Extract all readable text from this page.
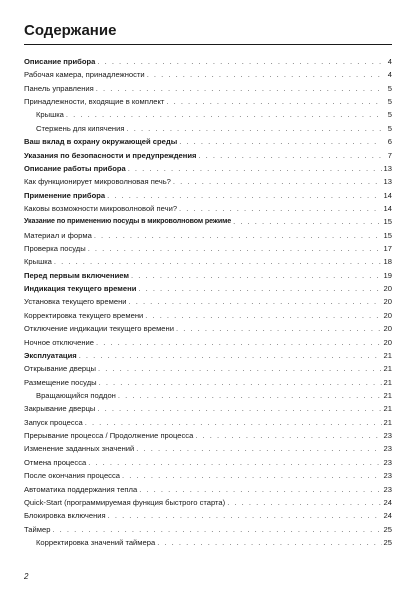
Содержание
Описание прибора . . .	4
Рабочая камера, принадлежности . . .	4
Панель управления . . .	5
Принадлежности, входящие в комплект . . .	5
Крышка . . .	5
Стержень для кипячения . . .	5
Ваш вклад в охрану окружающей среды . . .	6
Указания по безопасности и предупреждения . . .	7
Описание работы прибора . . .	13
Как функционирует микроволновая печь? . . .	13
Применение прибора . . .	14
Каковы возможности микроволновой печи? . . .	14
Указание по применению посуды в микроволновом режиме . . .	15
Материал и форма . . .	15
Проверка посуды . . .	17
Крышка . . .	18
Перед первым включением . . .	19
Индикация текущего времени . . .	20
Установка текущего времени . . .	20
Корректировка текущего времени . . .	20
Отключение индикации текущего времени . . .	20
Ночное отключение . . .	20
Эксплуатация . . .	21
Открывание дверцы . . .	21
Размещение посуды . . .	21
Вращающийся поддон . . .	21
Закрывание дверцы . . .	21
Запуск процесса . . .	21
Прерывание процесса / Продолжение процесса . . .	23
Изменение заданных значений . . .	23
Отмена процесса . . .	23
После окончания процесса . . .	23
Автоматика поддержания тепла . . .	23
Quick-Start (программируемая функция быстрого старта) . . .	24
Блокировка включения . . .	24
Таймер . . .	25
Корректировка значений таймера . . .	25
2
